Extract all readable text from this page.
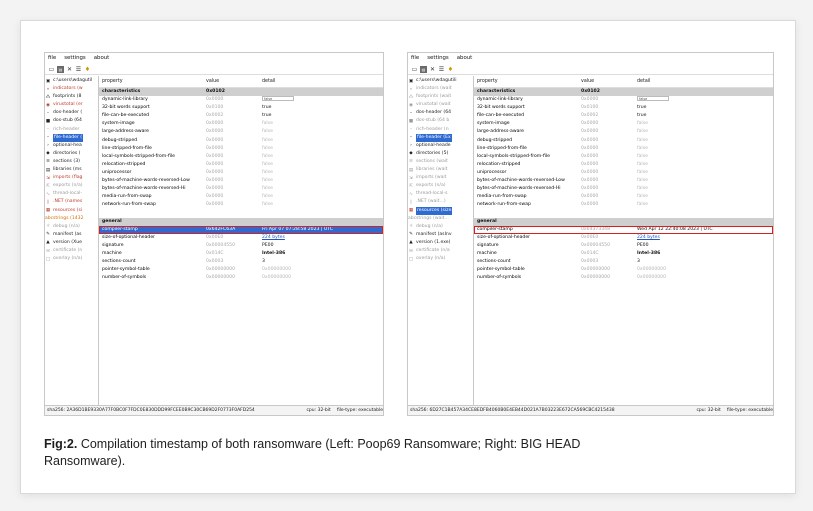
file settings about
▭	▤ ✕ ☰ ♦
▣ c:\users\wdagutil
» indicators (w
⁂ footprints (8
◉ virustotal (er
– dos-header (
■ dos-stub (64
– rich-header
–	file-header (
› optional-hea
◆ directories (
≡ sections (3)
▤ libraries (ms
⇲ imports (flag
⇱ exports (n/a)
∿ thread-local-
◊ .NET (names
▦ resources (si
abc strings (1432
☼ debug (n/a)
✎ manifest (as
▲ version (Xue
✉ certificate (n
□ overlay (n/a)
property	value	detail
characteristics	0x0102
dynamic-link-library	0x0000	false
32-bit words support	0x0100	true
file-can-be-executed	0x0002	true
system-image	0x0000	false
large-address-aware	0x0000	false
debug-stripped	0x0000	false
line-stripped-from-file	0x0000	false
local-symbols-stripped-from-file	0x0000	false
relocation-stripped	0x0000	false
uniprocessor	0x0000	false
bytes-of-machine-words-reversed-Low	0x0000	false
bytes-of-machine-words-reversed-Hi	0x0000	false
media-run-from-swap	0x0000	false
network-run-from-swap	0x0000	false
general
compiler-stamp	0x642FC63A	Fri Apr 07 07:28:58 2023 | UTC
size-of-optional-header	0x00E0	224 bytes
signature	0x00004550	PE00
machine	0x014C	Intel-386
sections-count	0x0003	3
pointer-symbol-table	0x00000000	0x00000000
number-of-symbols	0x00000000	0x00000000
sha256: 2A36D1BE9330A77F0BC0F7FDC0E830DDD99FCEE0B9C30CB69D2F0773F0AFD254	cpu: 32-bit file-type: executable
file settings about
▭	▤ ✕ ☰ ♦
▣ c:\users\wdagutili
» indicators (wait
⁂ footprints (wait
◉ virustotal (wait
– dos-header (64
■ dos-stub (64 b
– rich-header (n
–	file-header (Ex
› optional-heade
◆ directories (5)
≡ sections (wait
▤ libraries (wait
⇲ imports (wait
⇱ exports (n/a)
∿ thread-local-s
◊ .NET (wait...)
▦ resources (size
abc strings (wait...
☼ debug (n/a)
✎ manifest (asInv
▲ version (1.exe)
✉ certificate (n/a
□ overlay (n/a)
property	value	detail
characteristics	0x0102
dynamic-link-library	0x0000	false
32-bit words support	0x0100	true
file-can-be-executed	0x0002	true
system-image	0x0000	false
large-address-aware	0x0000	false
debug-stripped	0x0000	false
line-stripped-from-file	0x0000	false
local-symbols-stripped-from-file	0x0000	false
relocation-stripped	0x0000	false
uniprocessor	0x0000	false
bytes-of-machine-words-reversed-Low	0x0000	false
bytes-of-machine-words-reversed-Hi	0x0000	false
media-run-from-swap	0x0000	false
network-run-from-swap	0x0000	false
general
compiler-stamp	0x64373348	Wed Apr 12 22:40:08 2023 | UTC
size-of-optional-header	0x00E0	224 bytes
signature	0x00004550	PE00
machine	0x014C	Intel-386
sections-count	0x0003	3
pointer-symbol-table	0x00000000	0x00000000
number-of-symbols	0x00000000	0x00000000
sha256: 6D27C1B457A34CE8EDFB4060B0E4EB44D021A7B03223E672CA569CBC4215438	cpu: 32-bit file-type: executable
Fig:2. Compilation timestamp of both ransomware (Left: Poop69 Ransomware; Right: BIG HEAD
Ransomware).
